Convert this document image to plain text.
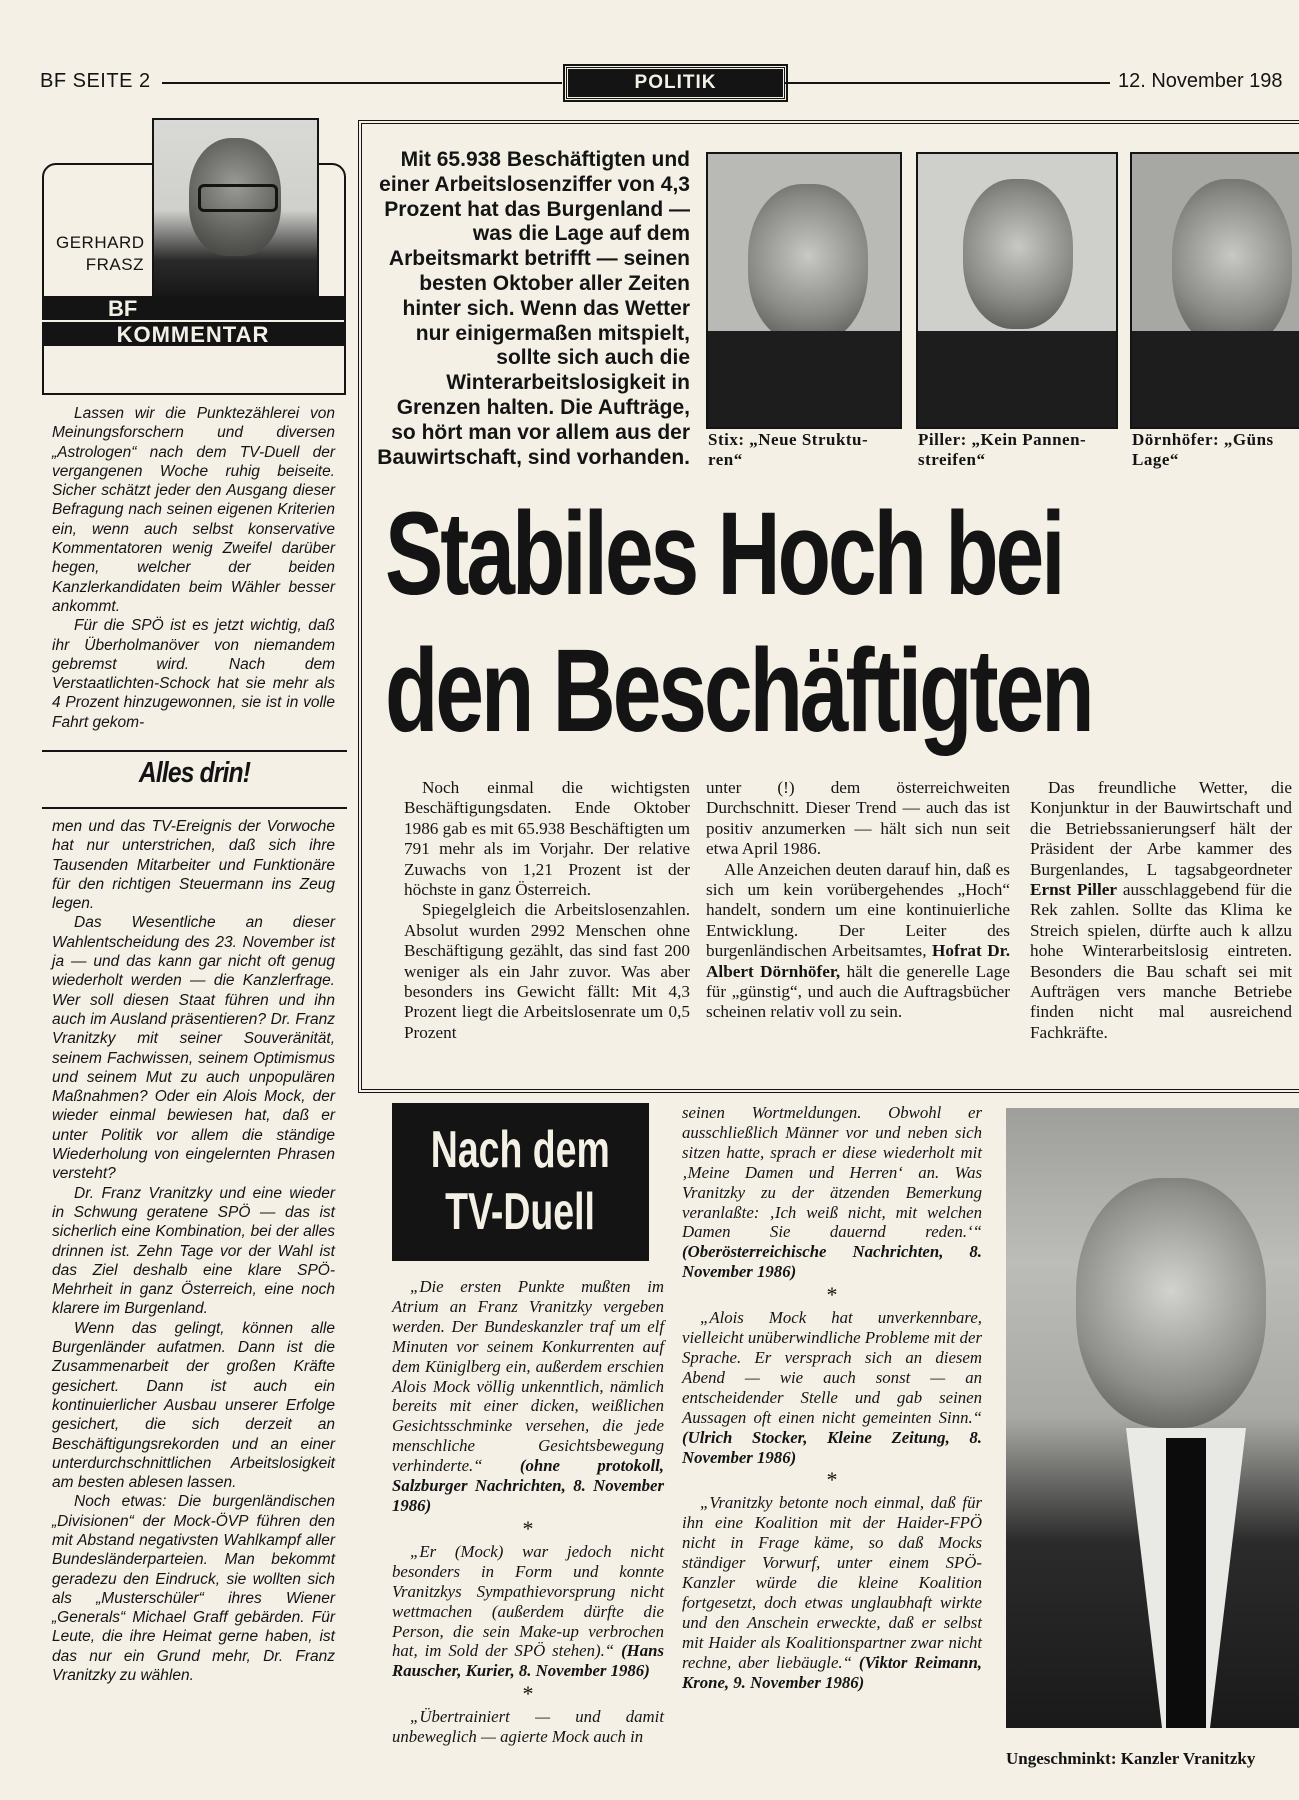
BF SEITE 2	POLITIK	12. November 198
GERHARD
FRASZ
BF
KOMMENTAR

Lassen wir die Punktezählerei von Meinungsforschern und diversen „Astrologen“ nach dem TV-Duell der vergangenen Woche ruhig beiseite. Sicher schätzt jeder den Ausgang dieser Befragung nach seinen eigenen Kriterien ein, wenn auch selbst konservative Kommentatoren wenig Zweifel darüber hegen, welcher der beiden Kanzlerkandidaten beim Wähler besser ankommt.

Für die SPÖ ist es jetzt wichtig, daß ihr Überholmanöver von niemandem gebremst wird. Nach dem Verstaatlichten-Schock hat sie mehr als 4 Prozent hinzugewonnen, sie ist in volle Fahrt gekom-

Alles drin!

men und das TV-Ereignis der Vorwoche hat nur unterstrichen, daß sich ihre Tausenden Mitarbeiter und Funktionäre für den richtigen Steuermann ins Zeug legen.

Das Wesentliche an dieser Wahlentscheidung des 23. November ist ja — und das kann gar nicht oft genug wiederholt werden — die Kanzlerfrage. Wer soll diesen Staat führen und ihn auch im Ausland präsentieren? Dr. Franz Vranitzky mit seiner Souveränität, seinem Fachwissen, seinem Optimismus und seinem Mut zu auch unpopulären Maßnahmen? Oder ein Alois Mock, der wieder einmal bewiesen hat, daß er unter Politik vor allem die ständige Wiederholung von eingelernten Phrasen versteht?

Dr. Franz Vranitzky und eine wieder in Schwung geratene SPÖ — das ist sicherlich eine Kombination, bei der alles drinnen ist. Zehn Tage vor der Wahl ist das Ziel deshalb eine klare SPÖ-Mehrheit in ganz Österreich, eine noch klarere im Burgenland.

Wenn das gelingt, können alle Burgenländer aufatmen. Dann ist die Zusammenarbeit der großen Kräfte gesichert. Dann ist auch ein kontinuierlicher Ausbau unserer Erfolge gesichert, die sich derzeit an Beschäftigungsrekorden und an einer unterdurchschnittlichen Arbeitslosigkeit am besten ablesen lassen.

Noch etwas: Die burgenländischen „Divisionen“ der Mock-ÖVP führen den mit Abstand negativsten Wahlkampf aller Bundesländerparteien. Man bekommt geradezu den Eindruck, sie wollten sich als „Musterschüler“ ihres Wiener „Generals“ Michael Graff gebärden. Für Leute, die ihre Heimat gerne haben, ist das nur ein Grund mehr, Dr. Franz Vranitzky zu wählen.

Mit 65.938 Beschäftigten und einer Arbeitslosenziffer von 4,3 Prozent hat das Burgenland — was die Lage auf dem Arbeitsmarkt betrifft — seinen besten Oktober aller Zeiten hinter sich. Wenn das Wetter nur einigermaßen mitspielt, sollte sich auch die Winterarbeitslosigkeit in Grenzen halten. Die Aufträge, so hört man vor allem aus der Bauwirtschaft, sind vorhanden.
Stix: „Neue Struktu- ren“
Piller: „Kein Pannen- streifen“
Dörnhöfer: „Güns Lage“
Stabiles Hoch bei
den Beschäftigten

Noch einmal die wichtigsten Beschäftigungsdaten. Ende Oktober 1986 gab es mit 65.938 Beschäftigten um 791 mehr als im Vorjahr. Der relative Zuwachs von 1,21 Prozent ist der höchste in ganz Österreich.

Spiegelgleich die Arbeitslosenzahlen. Absolut wurden 2992 Menschen ohne Beschäftigung gezählt, das sind fast 200 weniger als ein Jahr zuvor. Was aber besonders ins Gewicht fällt: Mit 4,3 Prozent liegt die Arbeitslosenrate um 0,5 Prozent

unter (!) dem österreichweiten Durchschnitt. Dieser Trend — auch das ist positiv anzumerken — hält sich nun seit etwa April 1986.

Alle Anzeichen deuten darauf hin, daß es sich um kein vorübergehendes „Hoch“ handelt, sondern um eine kontinuierliche Entwicklung. Der Leiter des burgenländischen Arbeitsamtes, Hofrat Dr. Albert Dörnhöfer, hält die generelle Lage für „günstig“, und auch die Auftragsbücher scheinen relativ voll zu sein.

Das freundliche Wetter, die Konjunktur in der Bauwirtschaft und die Betriebssanierungserf hält der Präsident der Arbe kammer des Burgenlandes, L tagsabgeordneter Ernst Piller ausschlaggebend für die Rek zahlen. Sollte das Klima ke Streich spielen, dürfte auch k allzu hohe Winterarbeitslosig eintreten. Besonders die Bau schaft sei mit Aufträgen vers manche Betriebe finden nicht mal ausreichend Fachkräfte.

Nach dem
TV-Duell

„Die ersten Punkte mußten im Atrium an Franz Vranitzky vergeben werden. Der Bundeskanzler traf um elf Minuten vor seinem Konkurrenten auf dem Küniglberg ein, außerdem erschien Alois Mock völlig unkenntlich, nämlich bereits mit einer dicken, weißlichen Gesichtsschminke versehen, die jede menschliche Gesichtsbewegung verhinderte.“ (ohne protokoll, Salzburger Nachrichten, 8. November 1986)

*

„Er (Mock) war jedoch nicht besonders in Form und konnte Vranitzkys Sympathievorsprung nicht wettmachen (außerdem dürfte die Person, die sein Make-up verbrochen hat, im Sold der SPÖ stehen).“ (Hans Rauscher, Kurier, 8. November 1986)

*

„Übertrainiert — und damit unbeweglich — agierte Mock auch in

seinen Wortmeldungen. Obwohl er ausschließlich Männer vor und neben sich sitzen hatte, sprach er diese wiederholt mit ‚Meine Damen und Herren‘ an. Was Vranitzky zu der ätzenden Bemerkung veranlaßte: ‚Ich weiß nicht, mit welchen Damen Sie dauernd reden.‘“ (Oberösterreichische Nachrichten, 8. November 1986)

*

„Alois Mock hat unverkennbare, vielleicht unüberwindliche Probleme mit der Sprache. Er versprach sich an diesem Abend — wie auch sonst — an entscheidender Stelle und gab seinen Aussagen oft einen nicht gemeinten Sinn.“ (Ulrich Stocker, Kleine Zeitung, 8. November 1986)

*

„Vranitzky betonte noch einmal, daß für ihn eine Koalition mit der Haider-FPÖ nicht in Frage käme, so daß Mocks ständiger Vorwurf, unter einem SPÖ-Kanzler würde die kleine Koalition fortgesetzt, doch etwas unglaubhaft wirkte und den Anschein erweckte, daß er selbst mit Haider als Koalitionspartner zwar nicht rechne, aber liebäugle.“ (Viktor Reimann, Krone, 9. November 1986)

Ungeschminkt: Kanzler Vranitzky
